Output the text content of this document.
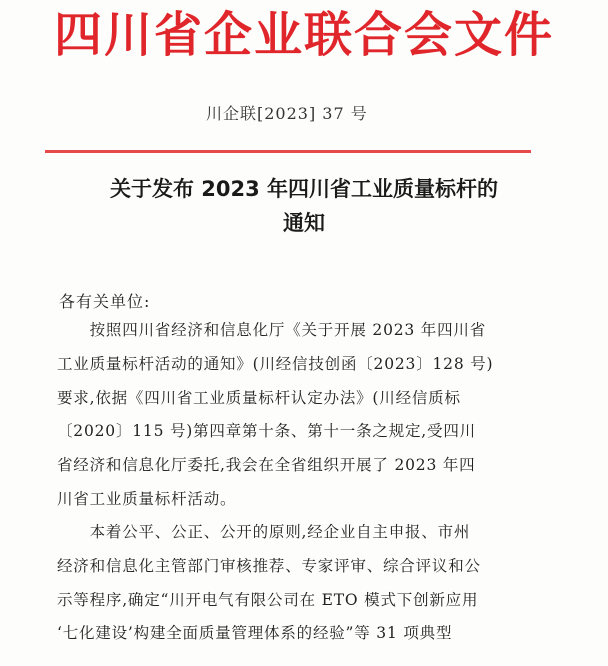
四川省企业联合会文件
川企联[2023] 37 号
关于发布 2023 年四川省工业质量标杆的
通知
各有关单位:
　　按照四川省经济和信息化厅《关于开展 2023 年四川省
工业质量标杆活动的通知》(川经信技创函〔2023〕128 号)
要求,依据《四川省工业质量标杆认定办法》(川经信质标
〔2020〕115 号)第四章第十条、第十一条之规定,受四川
省经济和信息化厅委托,我会在全省组织开展了 2023 年四
川省工业质量标杆活动。
　　本着公平、公正、公开的原则,经企业自主申报、市州
经济和信息化主管部门审核推荐、专家评审、综合评议和公
示等程序,确定“川开电气有限公司在 ETO 模式下创新应用
‘七化建设’构建全面质量管理体系的经验”等 31 项典型
